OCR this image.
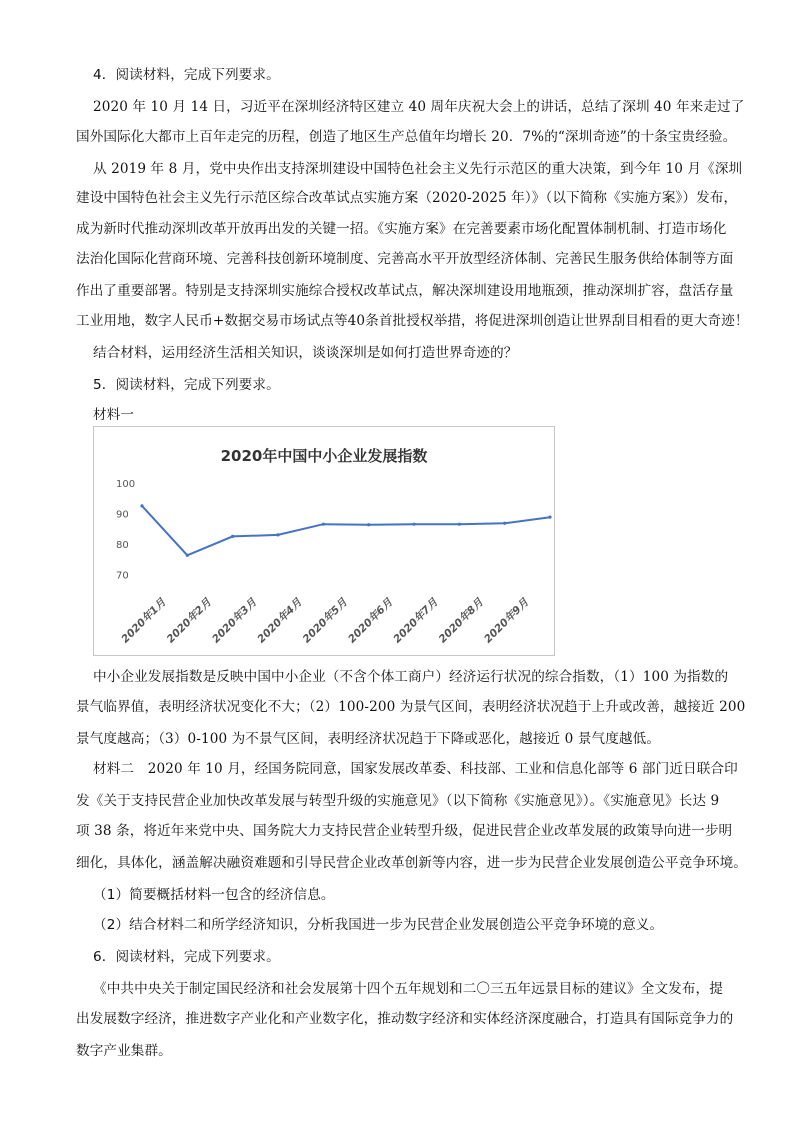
4．阅读材料，完成下列要求。
2020 年 10 月 14 日，习近平在深圳经济特区建立 40 周年庆祝大会上的讲话，总结了深圳 40 年来走过了
国外国际化大都市上百年走完的历程，创造了地区生产总值年均增长 20．7%的“深圳奇迹”的十条宝贵经验。
从 2019 年 8 月，党中央作出支持深圳建设中国特色社会主义先行示范区的重大决策，到今年 10 月《深圳
建设中国特色社会主义先行示范区综合改革试点实施方案（2020-2025 年）》（以下简称《实施方案》）发布，
成为新时代推动深圳改革开放再出发的关键一招。《实施方案》在完善要素市场化配置体制机制、打造市场化
法治化国际化营商环境、完善科技创新环境制度、完善高水平开放型经济体制、完善民生服务供给体制等方面
作出了重要部署。特别是支持深圳实施综合授权改革试点，解决深圳建设用地瓶颈，推动深圳扩容，盘活存量
工业用地，数字人民币+数据交易市场试点等40条首批授权举措，将促进深圳创造让世界刮目相看的更大奇迹！
结合材料，运用经济生活相关知识，谈谈深圳是如何打造世界奇迹的？
5．阅读材料，完成下列要求。
材料一
2020年中国中小企业发展指数
70
80
90
100
2020年1月
2020年2月
2020年3月
2020年4月
2020年5月
2020年6月
2020年7月
2020年8月
2020年9月
中小企业发展指数是反映中国中小企业（不含个体工商户）经济运行状况的综合指数，（1）100 为指数的
景气临界值，表明经济状况变化不大；（2）100-200 为景气区间，表明经济状况趋于上升或改善，越接近 200
景气度越高；（3）0-100 为不景气区间，表明经济状况趋于下降或恶化，越接近 0 景气度越低。
材料二　2020 年 10 月，经国务院同意，国家发展改革委、科技部、工业和信息化部等 6 部门近日联合印
发《关于支持民营企业加快改革发展与转型升级的实施意见》（以下简称《实施意见》）。《实施意见》长达 9
项 38 条，将近年来党中央、国务院大力支持民营企业转型升级，促进民营企业改革发展的政策导向进一步明
细化，具体化，涵盖解决融资难题和引导民营企业改革创新等内容，进一步为民营企业发展创造公平竞争环境。
（1）简要概括材料一包含的经济信息。
（2）结合材料二和所学经济知识，分析我国进一步为民营企业发展创造公平竞争环境的意义。
6．阅读材料，完成下列要求。
《中共中央关于制定国民经济和社会发展第十四个五年规划和二〇三五年远景目标的建议》全文发布，提
出发展数字经济，推进数字产业化和产业数字化，推动数字经济和实体经济深度融合，打造具有国际竞争力的
数字产业集群。
